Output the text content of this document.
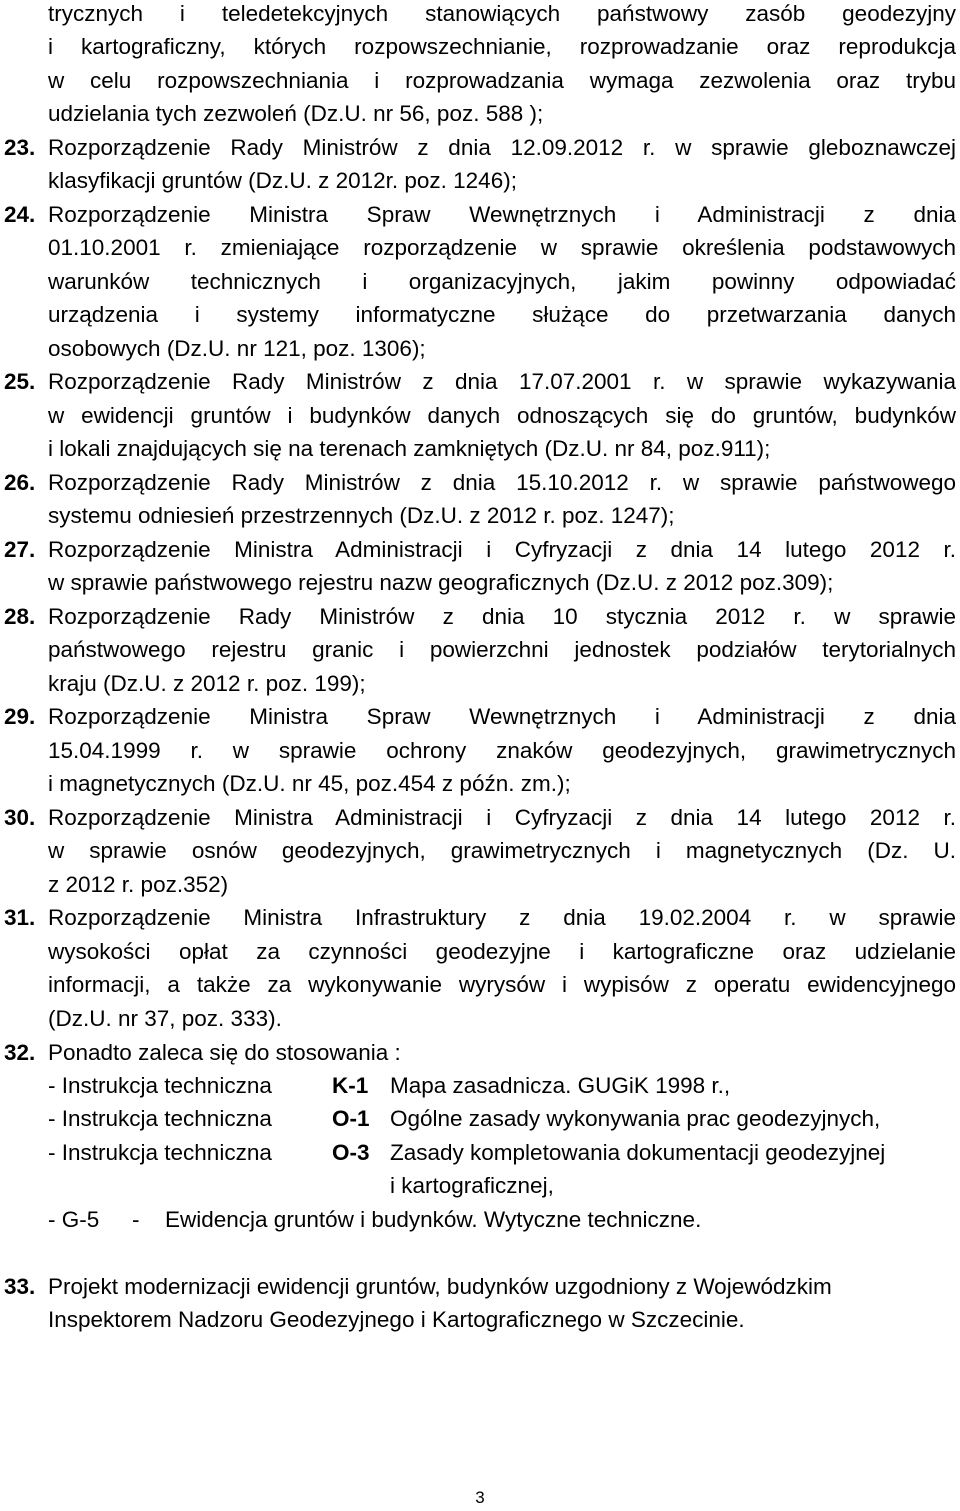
trycznych i teledetekcyjnych stanowiących państwowy zasób geodezyjny
i kartograficzny, których rozpowszechnianie, rozprowadzanie oraz reprodukcja
w celu rozpowszechniania i rozprowadzania wymaga zezwolenia oraz trybu
udzielania tych zezwoleń (Dz.U. nr 56, poz. 588 );
23. Rozporządzenie Rady Ministrów z dnia 12.09.2012 r. w sprawie gleboznawczej
klasyfikacji gruntów (Dz.U. z 2012r. poz. 1246);
24. Rozporządzenie Ministra Spraw Wewnętrznych i Administracji z dnia
01.10.2001 r. zmieniające rozporządzenie w sprawie określenia podstawowych
warunków technicznych i organizacyjnych, jakim powinny odpowiadać
urządzenia i systemy informatyczne służące do przetwarzania danych
osobowych (Dz.U. nr 121, poz. 1306);
25. Rozporządzenie Rady Ministrów z dnia 17.07.2001 r. w sprawie wykazywania
w ewidencji gruntów i budynków danych odnoszących się do gruntów, budynków
i lokali znajdujących się na terenach zamkniętych (Dz.U. nr 84, poz.911);
26. Rozporządzenie Rady Ministrów z dnia 15.10.2012 r. w sprawie państwowego
systemu odniesień przestrzennych (Dz.U. z 2012 r. poz. 1247);
27. Rozporządzenie Ministra Administracji i Cyfryzacji z dnia 14 lutego 2012 r.
w sprawie państwowego rejestru nazw geograficznych (Dz.U. z 2012 poz.309);
28. Rozporządzenie Rady Ministrów z dnia 10 stycznia 2012 r. w sprawie
państwowego rejestru granic i powierzchni jednostek podziałów terytorialnych
kraju (Dz.U. z 2012 r. poz. 199);
29. Rozporządzenie Ministra Spraw Wewnętrznych i Administracji z dnia
15.04.1999 r. w sprawie ochrony znaków geodezyjnych, grawimetrycznych
i magnetycznych (Dz.U. nr 45, poz.454 z późn. zm.);
30. Rozporządzenie Ministra Administracji i Cyfryzacji z dnia 14 lutego 2012 r.
w sprawie osnów geodezyjnych, grawimetrycznych i magnetycznych (Dz. U.
z 2012 r. poz.352)
31. Rozporządzenie Ministra Infrastruktury z dnia 19.02.2004 r. w sprawie
wysokości opłat za czynności geodezyjne i kartograficzne oraz udzielanie
informacji, a także za wykonywanie wyrysów i wypisów z operatu ewidencyjnego
(Dz.U. nr 37, poz. 333).
32. Ponadto zaleca się do stosowania :
- Instrukcja techniczna	K-1 Mapa zasadnicza. GUGiK 1998 r.,
- Instrukcja techniczna	O-1 Ogólne zasady wykonywania prac geodezyjnych,
- Instrukcja techniczna	O-3 Zasady kompletowania dokumentacji geodezyjnej
i kartograficznej,
- G-5 - Ewidencja gruntów i budynków. Wytyczne techniczne.
33. Projekt modernizacji ewidencji gruntów, budynków uzgodniony z Wojewódzkim
Inspektorem Nadzoru Geodezyjnego i Kartograficznego w Szczecinie.
3
